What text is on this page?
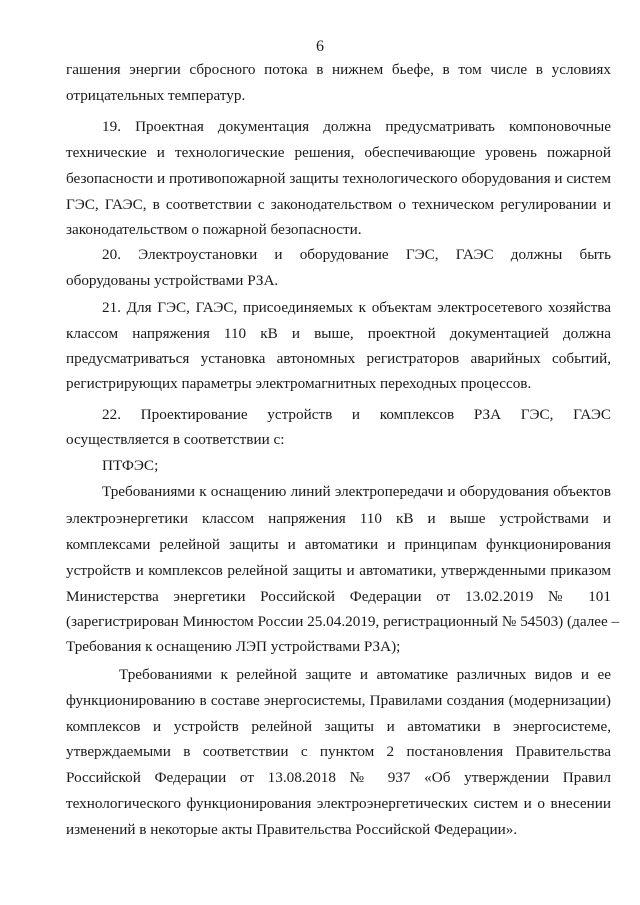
6
гашения энергии сбросного потока в нижнем бьефе, в том числе в условиях
отрицательных температур.
19. Проектная документация должна предусматривать компоновочные
технические и технологические решения, обеспечивающие уровень пожарной
безопасности и противопожарной защиты технологического оборудования и систем
ГЭС, ГАЭС, в соответствии с законодательством о техническом регулировании и
законодательством о пожарной безопасности.
20. Электроустановки и оборудование ГЭС, ГАЭС должны быть
оборудованы устройствами РЗА.
21. Для ГЭС, ГАЭС, присоединяемых к объектам электросетевого хозяйства
классом напряжения 110 кВ и выше, проектной документацией должна
предусматриваться установка автономных регистраторов аварийных событий,
регистрирующих параметры электромагнитных переходных процессов.
22. Проектирование устройств и комплексов РЗА ГЭС, ГАЭС
осуществляется в соответствии с:
ПТФЭС;
Требованиями к оснащению линий электропередачи и оборудования объектов
электроэнергетики классом напряжения 110 кВ и выше устройствами и
комплексами релейной защиты и автоматики и принципам функционирования
устройств и комплексов релейной защиты и автоматики, утвержденными приказом
Министерства энергетики Российской Федерации от 13.02.2019 № 101
(зарегистрирован Минюстом России 25.04.2019, регистрационный № 54503) (далее –
Требования к оснащению ЛЭП устройствами РЗА);
Требованиями к релейной защите и автоматике различных видов и ее
функционированию в составе энергосистемы, Правилами создания (модернизации)
комплексов и устройств релейной защиты и автоматики в энергосистеме,
утверждаемыми в соответствии с пунктом 2 постановления Правительства
Российской Федерации от 13.08.2018 № 937 «Об утверждении Правил
технологического функционирования электроэнергетических систем и о внесении
изменений в некоторые акты Правительства Российской Федерации».
